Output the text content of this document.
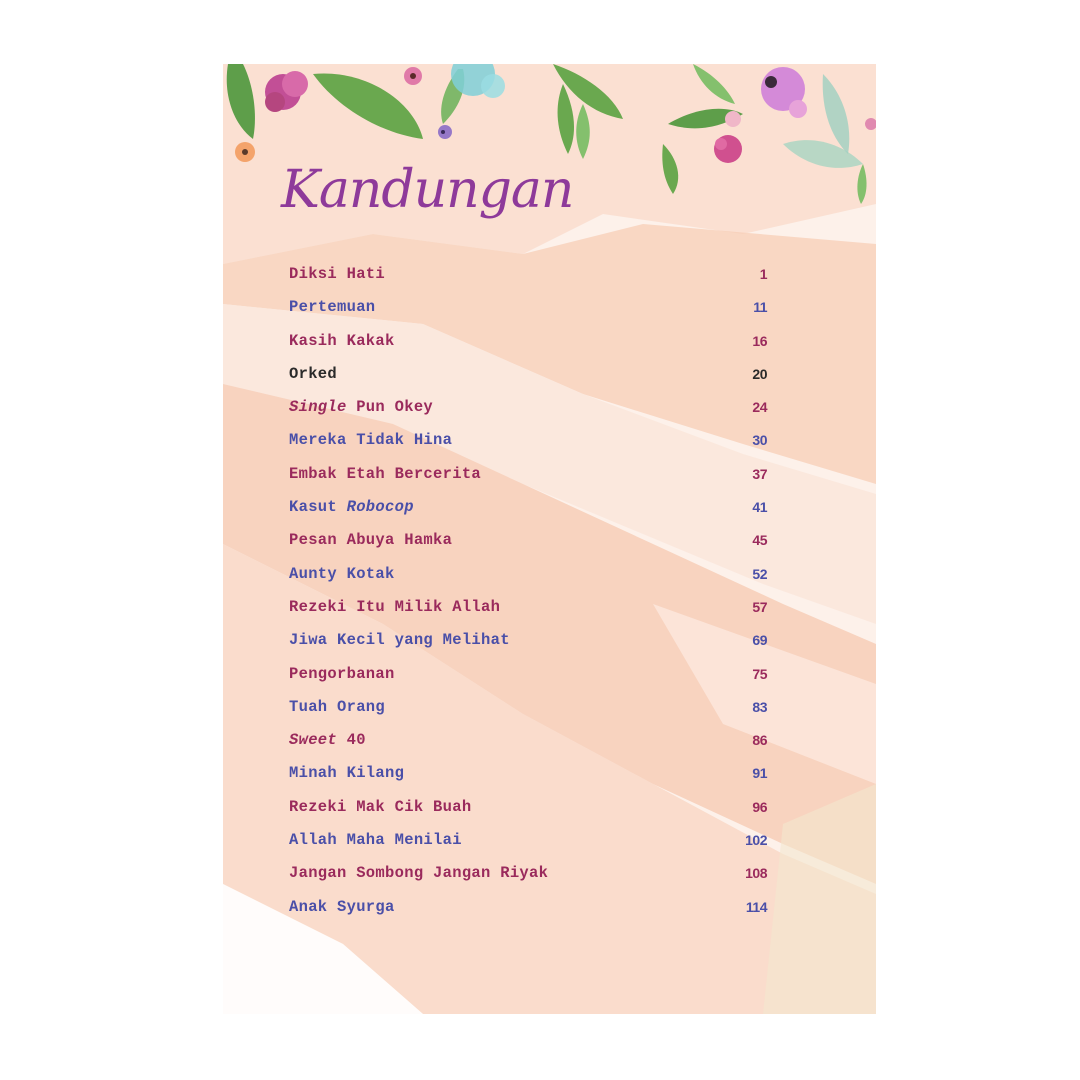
Kandungan
Diksi Hati	1
Pertemuan	11
Kasih Kakak	16
Orked	20
Single Pun Okey	24
Mereka Tidak Hina	30
Embak Etah Bercerita	37
Kasut Robocop	41
Pesan Abuya Hamka	45
Aunty Kotak	52
Rezeki Itu Milik Allah	57
Jiwa Kecil yang Melihat	69
Pengorbanan	75
Tuah Orang	83
Sweet 40	86
Minah Kilang	91
Rezeki Mak Cik Buah	96
Allah Maha Menilai	102
Jangan Sombong Jangan Riyak	108
Anak Syurga	114
